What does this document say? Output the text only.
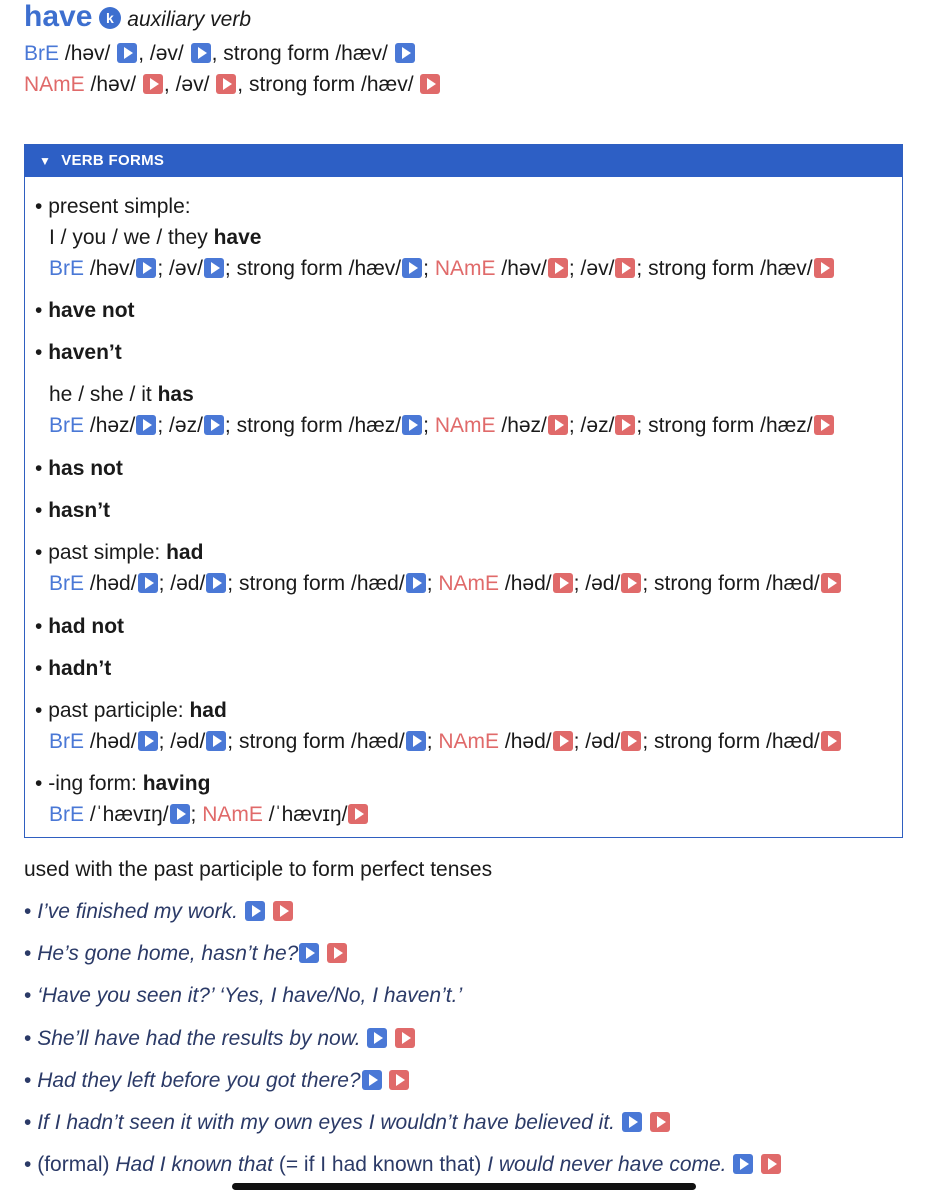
have k auxiliary verb
BrE /həv/ , /əv/ , strong form /hæv/
NAmE /həv/ , /əv/ , strong form /hæv/
▼ VERB FORMS
• present simple:
I / you / we / they have
BrE /həv/ ; /əv/ ; strong form /hæv/ ; NAmE /həv/ ; /əv/ ; strong form /hæv/
• have not
• haven’t
he / she / it has
BrE /həz/ ; /əz/ ; strong form /hæz/ ; NAmE /həz/ ; /əz/ ; strong form /hæz/
• has not
• hasn’t
• past simple: had
BrE /həd/ ; /əd/ ; strong form /hæd/ ; NAmE /həd/ ; /əd/ ; strong form /hæd/
• had not
• hadn’t
• past participle: had
BrE /həd/ ; /əd/ ; strong form /hæd/ ; NAmE /həd/ ; /əd/ ; strong form /hæd/
• -ing form: having
BrE /ˈhævɪŋ/ ; NAmE /ˈhævɪŋ/
used with the past participle to form perfect tenses
• I’ve finished my work.
• He’s gone home, hasn’t he?
• ‘Have you seen it?’ ‘Yes, I have/No, I haven’t.’
• She’ll have had the results by now.
• Had they left before you got there?
• If I hadn’t seen it with my own eyes I wouldn’t have believed it.
• (formal) Had I known that (= if I had known that) I would never have come.
